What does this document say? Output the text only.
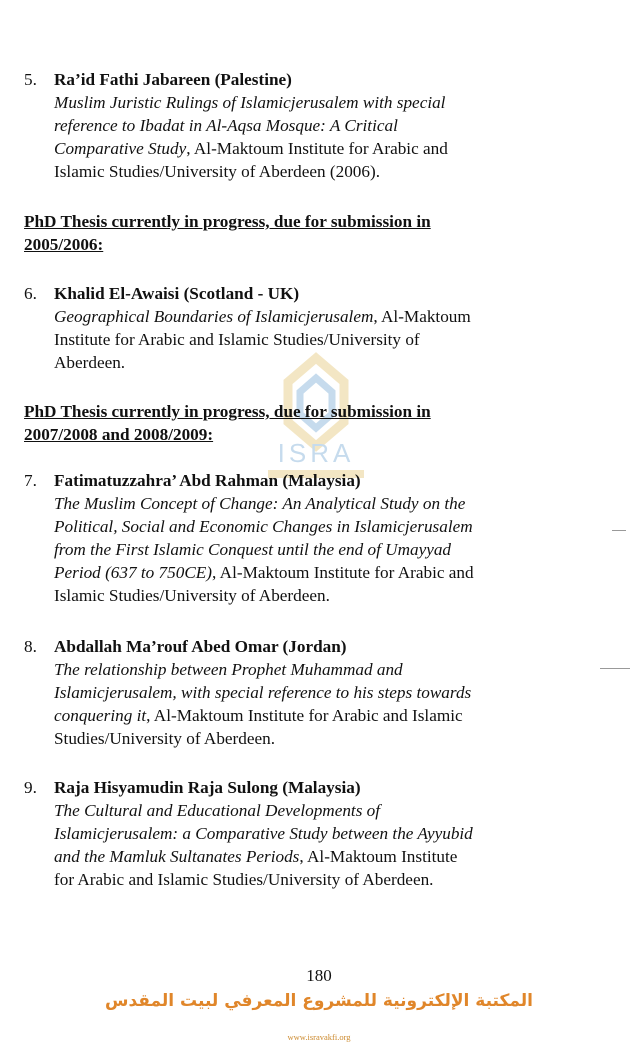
ISRA
5. Ra’id Fathi Jabareen (Palestine)
Muslim Juristic Rulings of Islamicjerusalem with special
reference to Ibadat in Al-Aqsa Mosque: A Critical
Comparative Study, Al-Maktoum Institute for Arabic and
Islamic Studies/University of Aberdeen (2006).
PhD Thesis currently in progress, due for submission in
2005/2006:
6. Khalid El-Awaisi (Scotland - UK)
Geographical Boundaries of Islamicjerusalem, Al-Maktoum
Institute for Arabic and Islamic Studies/University of
Aberdeen.
PhD Thesis currently in progress, due for submission in
2007/2008 and 2008/2009:
7. Fatimatuzzahra’ Abd Rahman (Malaysia)
The Muslim Concept of Change: An Analytical Study on the
Political, Social and Economic Changes in Islamicjerusalem
from the First Islamic Conquest until the end of Umayyad
Period (637 to 750CE), Al-Maktoum Institute for Arabic and
Islamic Studies/University of Aberdeen.
8. Abdallah Ma’rouf Abed Omar (Jordan)
The relationship between Prophet Muhammad and
Islamicjerusalem, with special reference to his steps towards
conquering it, Al-Maktoum Institute for Arabic and Islamic
Studies/University of Aberdeen.
9. Raja Hisyamudin Raja Sulong (Malaysia)
The Cultural and Educational Developments of
Islamicjerusalem: a Comparative Study between the Ayyubid
and the Mamluk Sultanates Periods, Al-Maktoum Institute
for Arabic and Islamic Studies/University of Aberdeen.
180
المكتبة الإلكترونية للمشروع المعرفي لبيت المقدس
www.isravakfi.org
